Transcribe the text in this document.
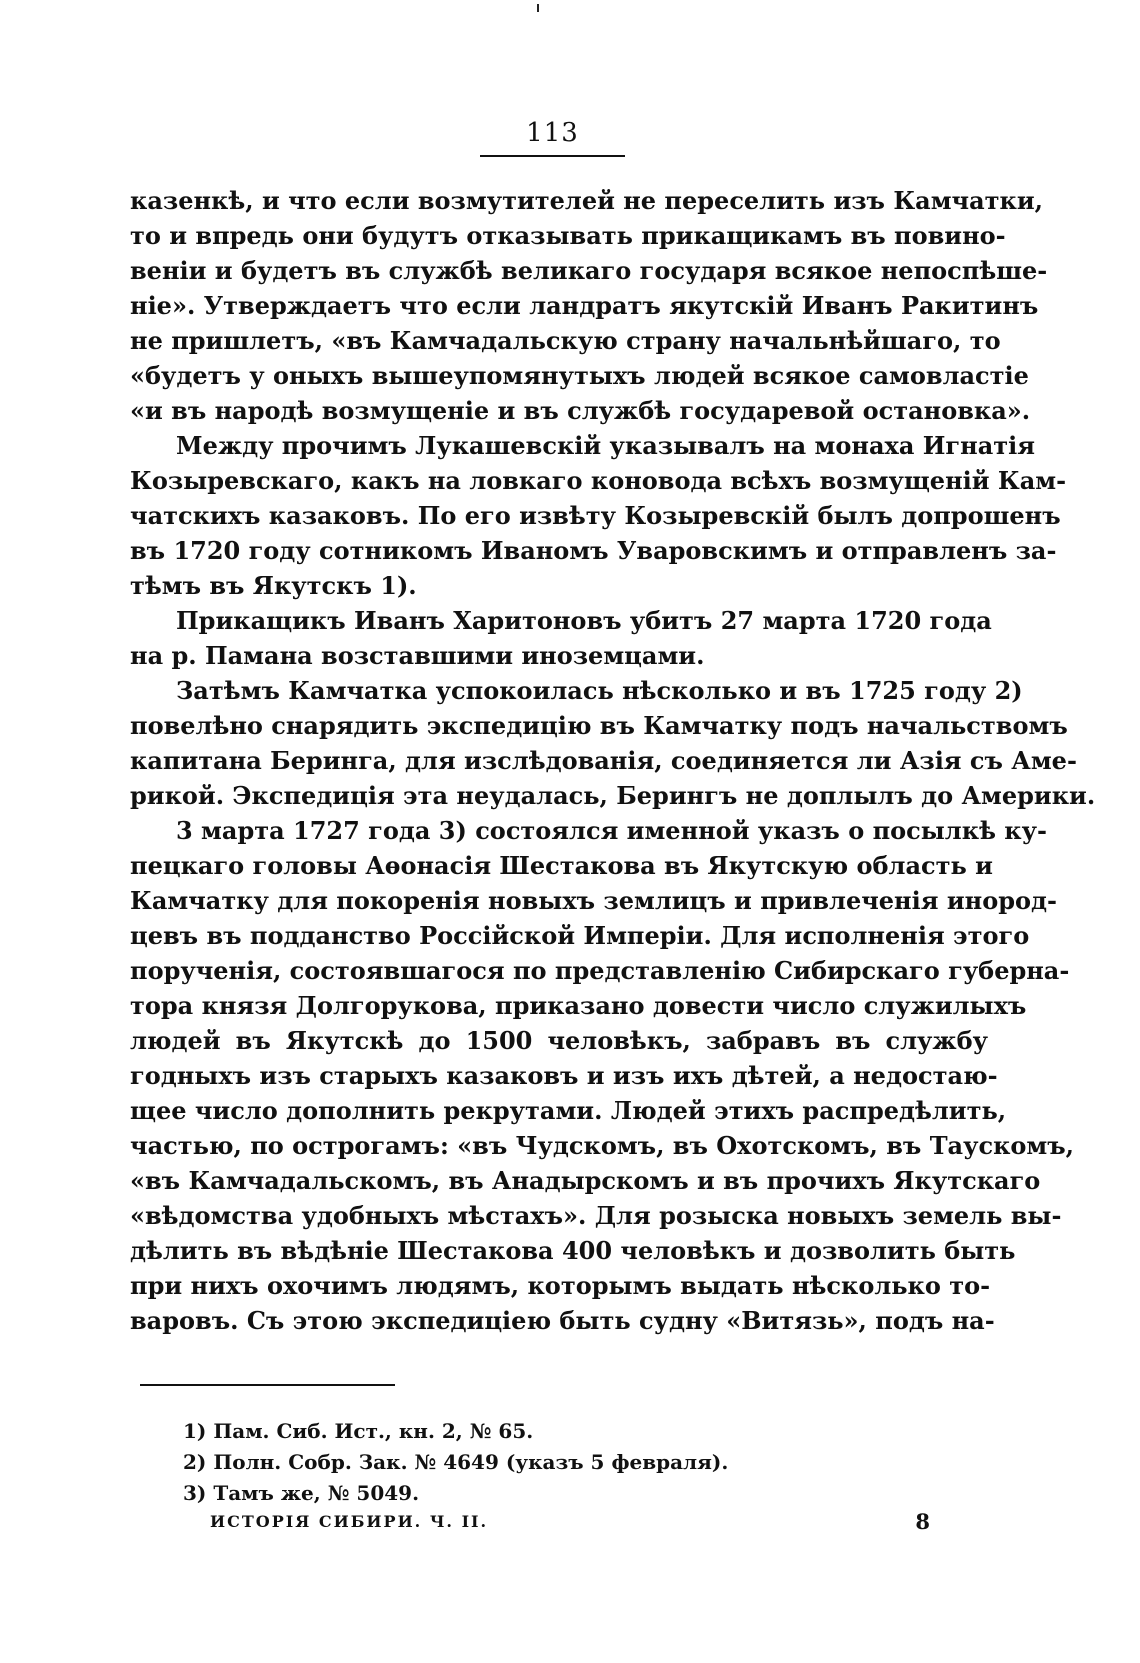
113
казенкѣ, и что если возмутителей не переселить изъ Камчатки,
то и впредь они будутъ отказывать прикащикамъ въ повино-
веніи и будетъ въ службѣ великаго государя всякое непоспѣше-
ніе». Утверждаетъ что если ландратъ якутскій Иванъ Ракитинъ
не пришлетъ, «въ Камчадальскую страну начальнѣйшаго, то
«будетъ у оныхъ вышеупомянутыхъ людей всякое самовластіе
«и въ народѣ возмущеніе и въ службѣ государевой остановка».
Между прочимъ Лукашевскій указывалъ на монаха Игнатія
Козыревскаго, какъ на ловкаго коновода всѣхъ возмущеній Кам-
чатскихъ казаковъ. По его извѣту Козыревскій былъ допрошенъ
въ 1720 году сотникомъ Иваномъ Уваровскимъ и отправленъ за-
тѣмъ въ Якутскъ 1).
Прикащикъ Иванъ Харитоновъ убитъ 27 марта 1720 года
на р. Памана возставшими иноземцами.
Затѣмъ Камчатка успокоилась нѣсколько и въ 1725 году 2)
повелѣно снарядить экспедицію въ Камчатку подъ начальствомъ
капитана Беринга, для изслѣдованія, соединяется ли Азія съ Аме-
рикой. Экспедиція эта неудалась, Берингъ не доплылъ до Америки.
3 марта 1727 года 3) состоялся именной указъ о посылкѣ ку-
пецкаго головы Аѳонасія Шестакова въ Якутскую область и
Камчатку для покоренія новыхъ землицъ и привлеченія инород-
цевъ въ подданство Россійской Имперіи. Для исполненія этого
порученія, состоявшагося по представленію Сибирскаго губерна-
тора князя Долгорукова, приказано довести число служилыхъ
людей въ Якутскѣ до 1500 человѣкъ, забравъ въ службу
годныхъ изъ старыхъ казаковъ и изъ ихъ дѣтей, а недостаю-
щее число дополнить рекрутами. Людей этихъ распредѣлить,
частью, по острогамъ: «въ Чудскомъ, въ Охотскомъ, въ Таускомъ,
«въ Камчадальскомъ, въ Анадырскомъ и въ прочихъ Якутскаго
«вѣдомства удобныхъ мѣстахъ». Для розыска новыхъ земель вы-
дѣлить въ вѣдѣніе Шестакова 400 человѣкъ и дозволить быть
при нихъ охочимъ людямъ, которымъ выдать нѣсколько то-
варовъ. Съ этою экспедиціею быть судну «Витязь», подъ на-
1) Пам. Сиб. Ист., кн. 2, № 65.
2) Полн. Собр. Зак. № 4649 (указъ 5 февраля).
3) Тамъ же, № 5049.
ИСТОРІЯ СИБИРИ. Ч. II.	8
